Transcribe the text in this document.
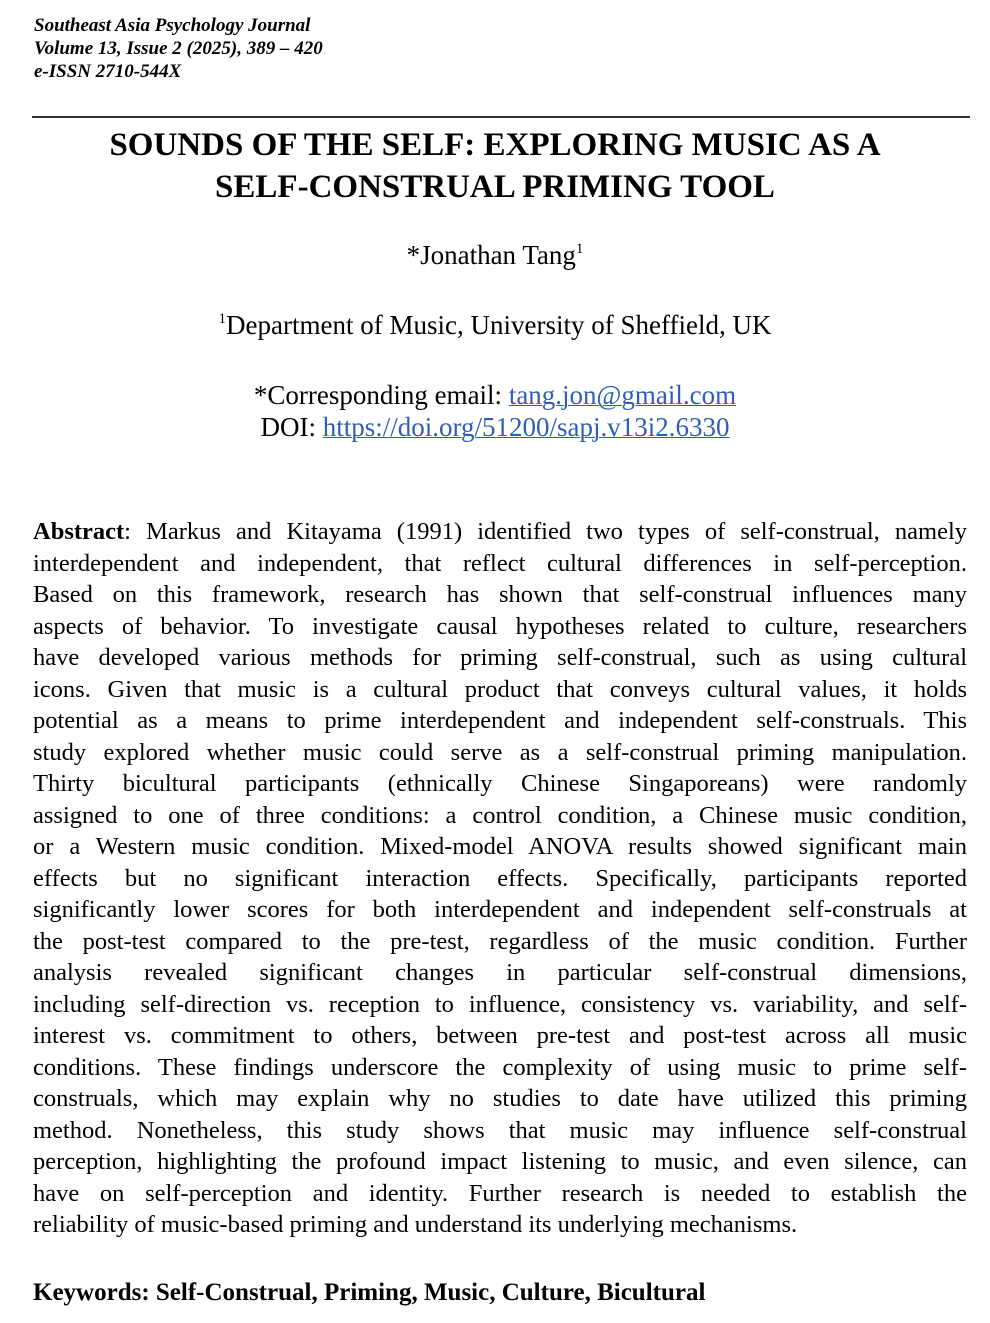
Southeast Asia Psychology Journal
Volume 13, Issue 2 (2025), 389 – 420
e-ISSN 2710-544X
SOUNDS OF THE SELF: EXPLORING MUSIC AS A
SELF-CONSTRUAL PRIMING TOOL
*Jonathan Tang$^1$
$^1$Department of Music, University of Sheffield, UK
*Corresponding email: tang.jon@gmail.com
DOI: https://doi.org/51200/sapj.v13i2.6330
Abstract: Markus and Kitayama (1991) identified two types of self-construal, namely
interdependent and independent, that reflect cultural differences in self-perception.
Based on this framework, research has shown that self-construal influences many
aspects of behavior. To investigate causal hypotheses related to culture, researchers
have developed various methods for priming self-construal, such as using cultural
icons. Given that music is a cultural product that conveys cultural values, it holds
potential as a means to prime interdependent and independent self-construals. This
study explored whether music could serve as a self-construal priming manipulation.
Thirty bicultural participants (ethnically Chinese Singaporeans) were randomly
assigned to one of three conditions: a control condition, a Chinese music condition,
or a Western music condition. Mixed-model ANOVA results showed significant main
effects but no significant interaction effects. Specifically, participants reported
significantly lower scores for both interdependent and independent self-construals at
the post-test compared to the pre-test, regardless of the music condition. Further
analysis revealed significant changes in particular self-construal dimensions,
including self-direction vs. reception to influence, consistency vs. variability, and self-
interest vs. commitment to others, between pre-test and post-test across all music
conditions. These findings underscore the complexity of using music to prime self-
construals, which may explain why no studies to date have utilized this priming
method. Nonetheless, this study shows that music may influence self-construal
perception, highlighting the profound impact listening to music, and even silence, can
have on self-perception and identity. Further research is needed to establish the
reliability of music-based priming and understand its underlying mechanisms.
Keywords: Self-Construal, Priming, Music, Culture, Bicultural
